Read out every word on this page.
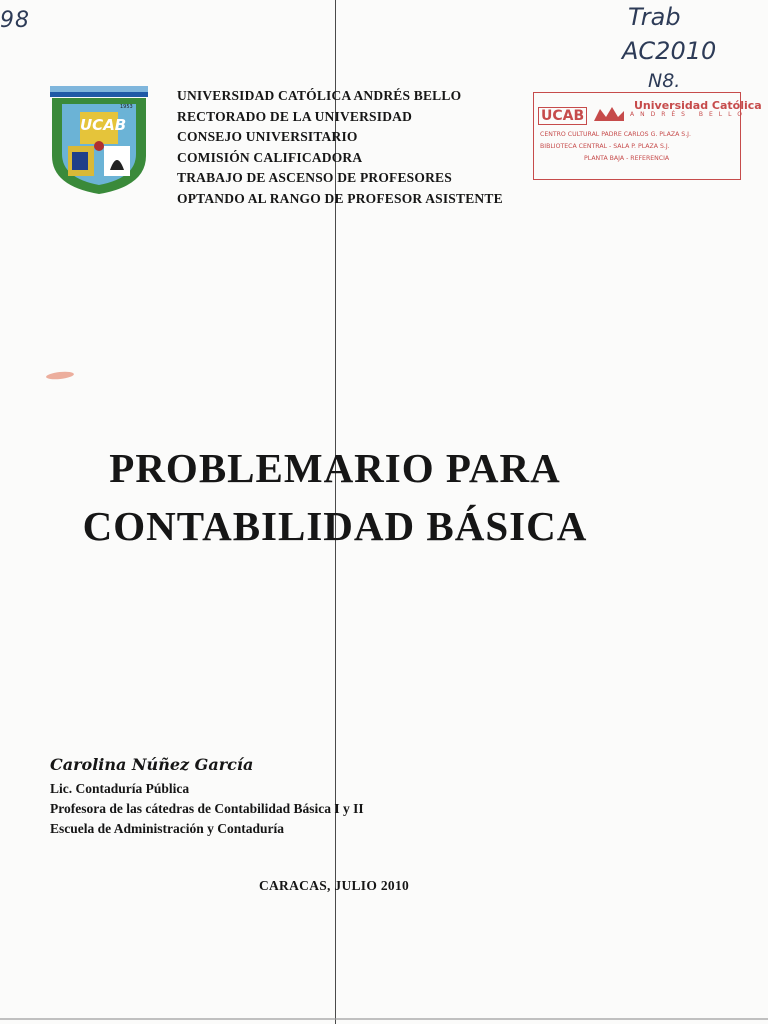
98
UCAB
1953
UNIVERSIDAD CATÓLICA ANDRÉS BELLO
RECTORADO DE LA UNIVERSIDAD
CONSEJO UNIVERSITARIO
COMISIÓN CALIFICADORA
TRABAJO DE ASCENSO DE PROFESORES
OPTANDO AL RANGO DE PROFESOR ASISTENTE
Trab
AC2010
N8.
UCAB
Universidad Católica
ANDRÉS BELLO
CENTRO CULTURAL PADRE CARLOS G. PLAZA S.J.
BIBLIOTECA CENTRAL - SALA P. PLAZA S.J.
PLANTA BAJA - REFERENCIA
PROBLEMARIO PARA
CONTABILIDAD BÁSICA
Carolina Núñez García
Lic. Contaduría Pública
Profesora de las cátedras de Contabilidad Básica I y II
Escuela de Administración y Contaduría
CARACAS, JULIO 2010
